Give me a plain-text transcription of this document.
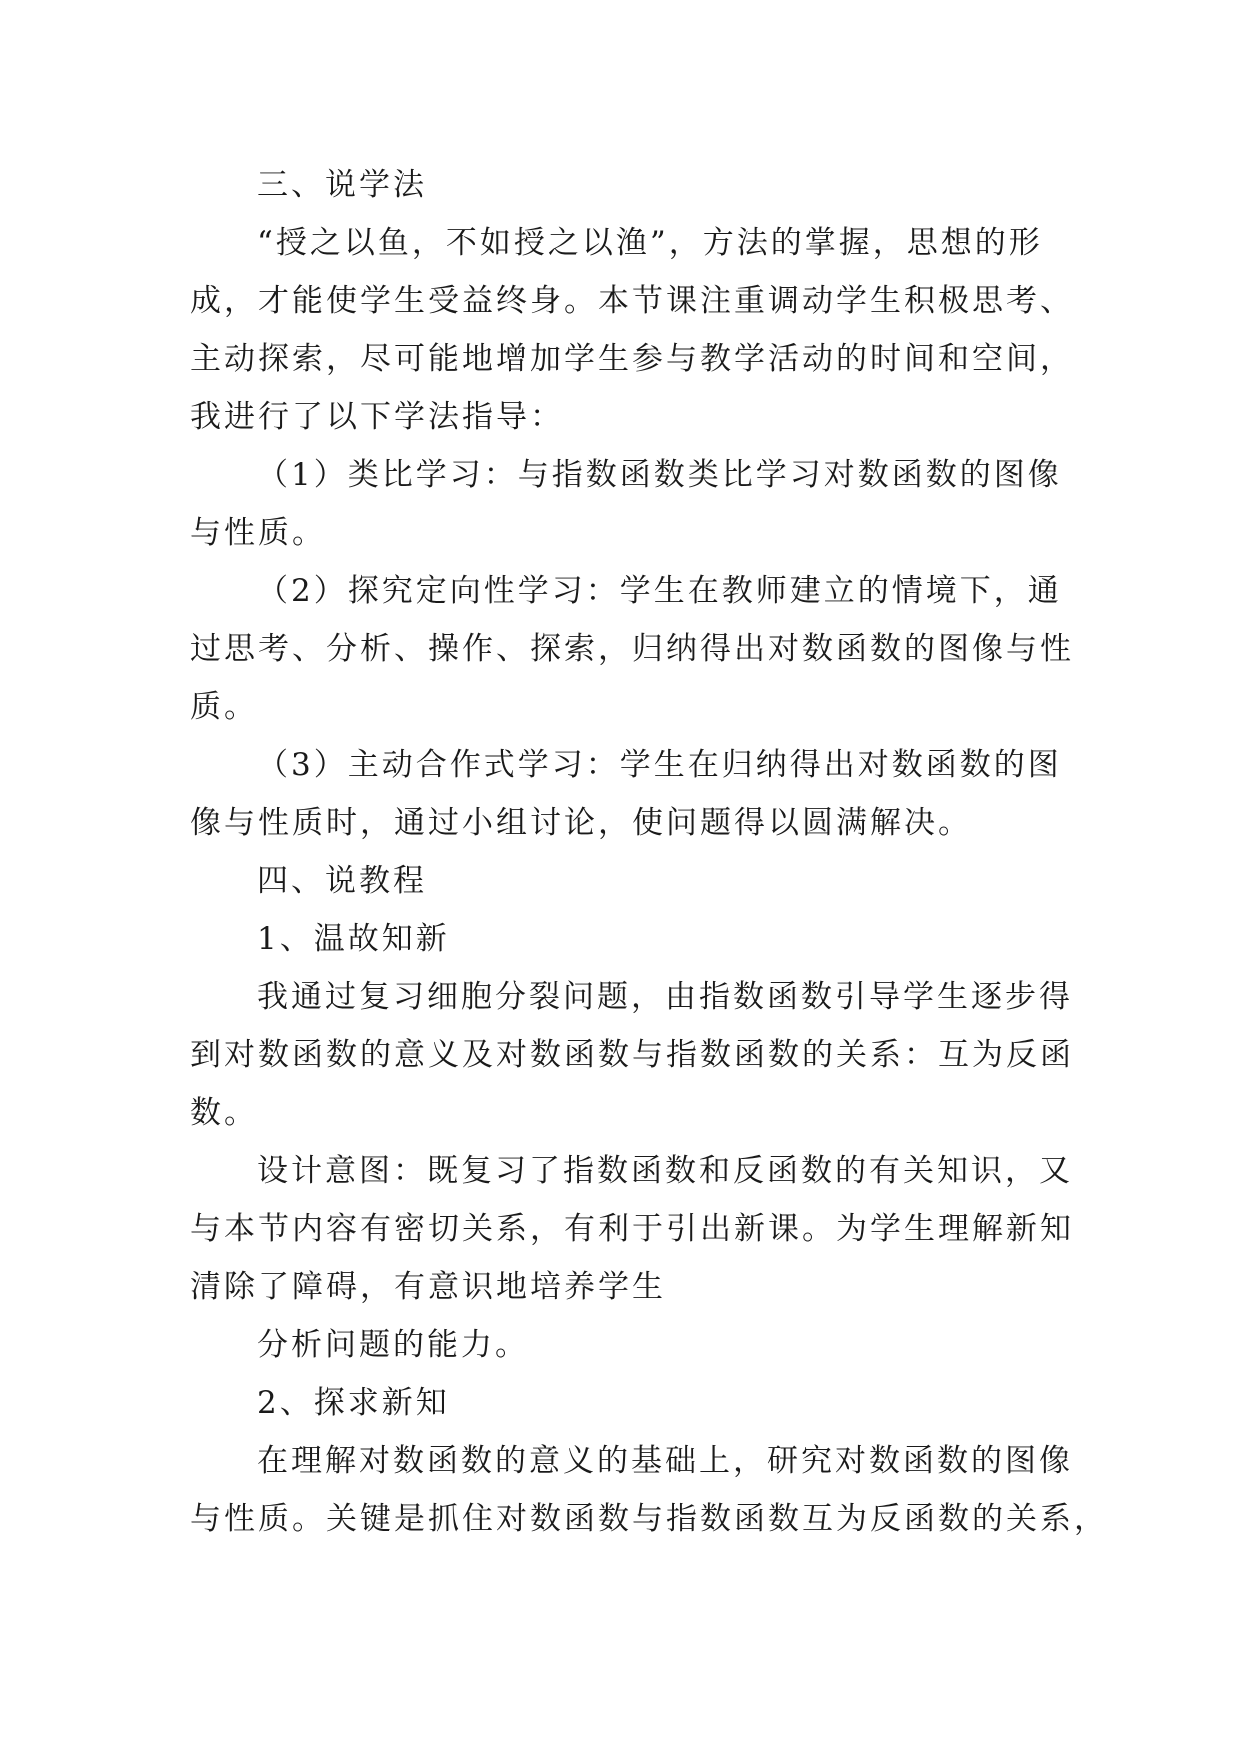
三、说学法
“授之以鱼，不如授之以渔”，方法的掌握，思想的形
成，才能使学生受益终身。本节课注重调动学生积极思考、
主动探索，尽可能地增加学生参与教学活动的时间和空间，
我进行了以下学法指导：
（1）类比学习：与指数函数类比学习对数函数的图像
与性质。
（2）探究定向性学习：学生在教师建立的情境下，通
过思考、分析、操作、探索，归纳得出对数函数的图像与性
质。
（3）主动合作式学习：学生在归纳得出对数函数的图
像与性质时，通过小组讨论，使问题得以圆满解决。
四、说教程
1、温故知新
我通过复习细胞分裂问题，由指数函数引导学生逐步得
到对数函数的意义及对数函数与指数函数的关系：互为反函
数。
设计意图：既复习了指数函数和反函数的有关知识，又
与本节内容有密切关系，有利于引出新课。为学生理解新知
清除了障碍，有意识地培养学生
分析问题的能力。
2、探求新知
在理解对数函数的意义的基础上，研究对数函数的图像
与性质。关键是抓住对数函数与指数函数互为反函数的关系，
